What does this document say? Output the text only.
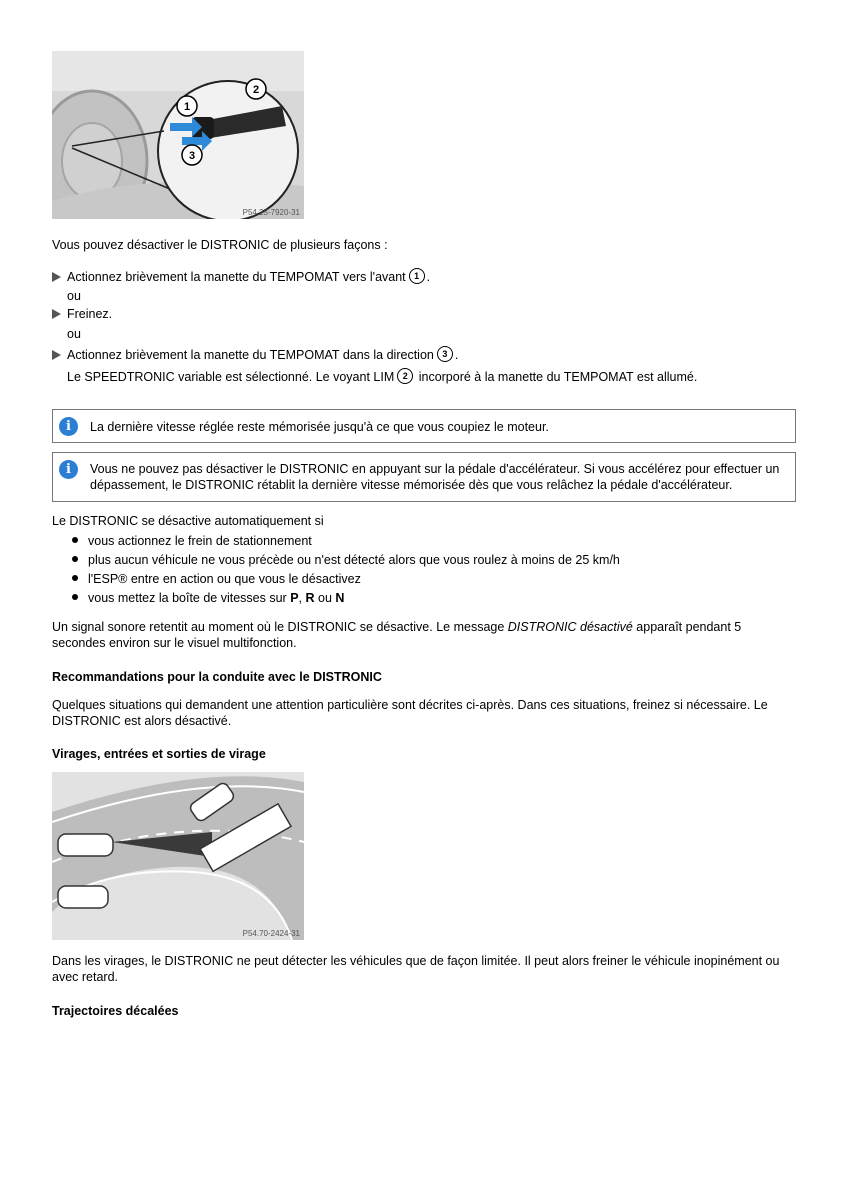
1
2
3
P54.25-7920-31
Vous pouvez désactiver le DISTRONIC de plusieurs façons :
Actionnez brièvement la manette du TEMPOMAT vers l'avant 1 .
ou
Freinez.
ou
Actionnez brièvement la manette du TEMPOMAT dans la direction 3 .
Le SPEEDTRONIC variable est sélectionné. Le voyant LIM 2 incorporé à la manette du TEMPOMAT est allumé.
i	La dernière vitesse réglée reste mémorisée jusqu'à ce que vous coupiez le moteur.
i	Vous ne pouvez pas désactiver le DISTRONIC en appuyant sur la pédale d'accélérateur. Si vous accélérez pour effectuer un dépassement, le DISTRONIC rétablit la dernière vitesse mémorisée dès que vous relâchez la pédale d'accélérateur.
Le DISTRONIC se désactive automatiquement si
vous actionnez le frein de stationnement
plus aucun véhicule ne vous précède ou n'est détecté alors que vous roulez à moins de 25 km/h
l'ESP® entre en action ou que vous le désactivez
vous mettez la boîte de vitesses sur P, R ou N
Un signal sonore retentit au moment où le DISTRONIC se désactive. Le message DISTRONIC désactivé apparaît pendant 5 secondes environ sur le visuel multifonction.
Recommandations pour la conduite avec le DISTRONIC
Quelques situations qui demandent une attention particulière sont décrites ci-après. Dans ces situations, freinez si nécessaire. Le DISTRONIC est alors désactivé.
Virages, entrées et sorties de virage
P54.70-2424-31
Dans les virages, le DISTRONIC ne peut détecter les véhicules que de façon limitée. Il peut alors freiner le véhicule inopinément ou avec retard.
Trajectoires décalées
